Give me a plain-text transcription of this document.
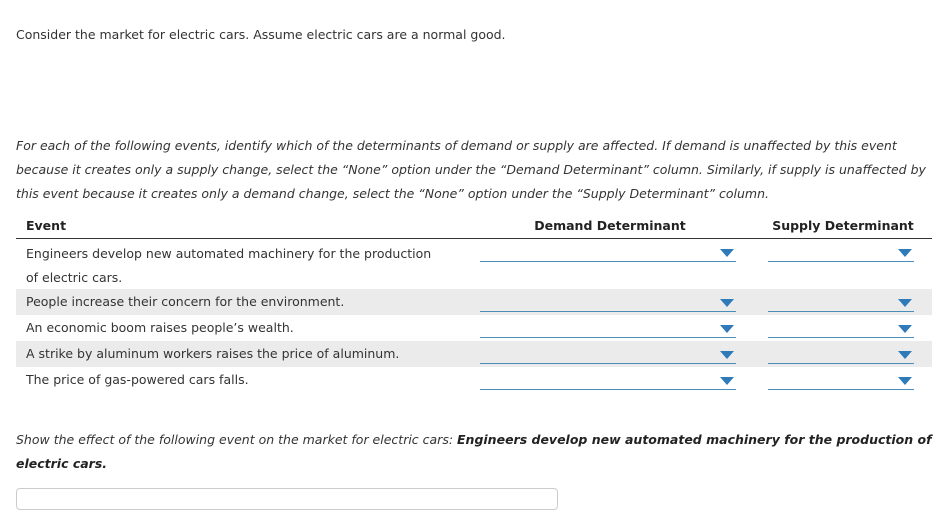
Consider the market for electric cars. Assume electric cars are a normal good.
For each of the following events, identify which of the determinants of demand or supply are affected. If demand is unaffected by this event because it creates only a supply change, select the “None” option under the “Demand Determinant” column. Similarly, if supply is unaffected by this event because it creates only a demand change, select the “None” option under the “Supply Determinant” column.
Event	Demand Determinant	Supply Determinant
Engineers develop new automated machinery for the production of electric cars.
People increase their concern for the environment.
An economic boom raises people’s wealth.
A strike by aluminum workers raises the price of aluminum.
The price of gas-powered cars falls.
Show the effect of the following event on the market for electric cars: Engineers develop new automated machinery for the production of electric cars.
